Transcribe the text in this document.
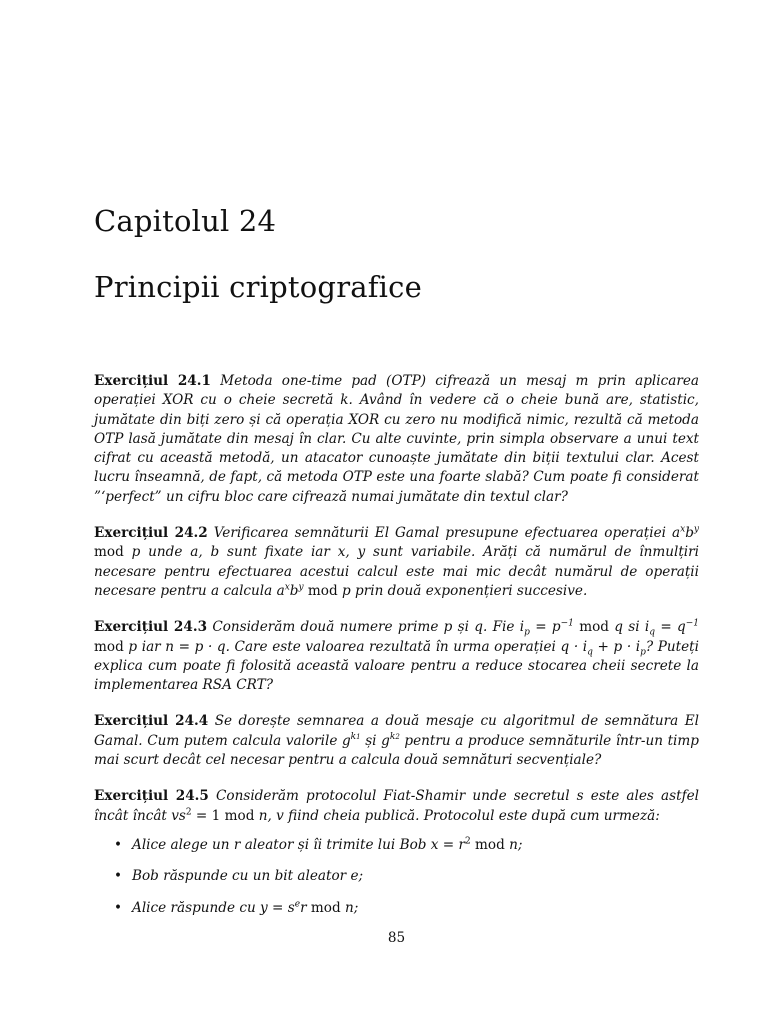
Capitolul 24
Principii criptografice

Exercițiul 24.1 Metoda one-time pad (OTP) cifrează un mesaj m prin aplicarea operației XOR cu o cheie secretă k. Având în vedere că o cheie bună are, statistic, jumătate din biți zero și că operația XOR cu zero nu modifică nimic, rezultă că metoda OTP lasă jumătate din mesaj în clar. Cu alte cuvinte, prin simpla observare a unui text cifrat cu această metodă, un atacator cunoaște jumătate din biții textului clar. Acest lucru înseamnă, de fapt, că metoda OTP este una foarte slabă? Cum poate fi considerat ”‘perfect” un cifru bloc care cifrează numai jumătate din textul clar?

Exercițiul 24.2 Verificarea semnăturii El Gamal presupune efectuarea operației $a^xb^y$ mod p unde a, b sunt fixate iar x, y sunt variabile. Arăți că numărul de înmulțiri necesare pentru efectuarea acestui calcul este mai mic decât numărul de operații necesare pentru a calcula $a^xb^y$ mod p prin două exponențieri succesive.

Exercițiul 24.3 Considerăm două numere prime p și q. Fie $i_p = p^{-1}$ mod q si $i_q = q^{-1}$ mod p iar n = p · q. Care este valoarea rezultată în urma operației $q \cdot i_q + p \cdot i_p$? Puteți explica cum poate fi folosită această valoare pentru a reduce stocarea cheii secrete la implementarea RSA CRT?

Exercițiul 24.4 Se dorește semnarea a două mesaje cu algoritmul de semnătura El Gamal. Cum putem calcula valorile $g^{k1}$ și $g^{k2}$ pentru a produce semnăturile într-un timp mai scurt decât cel necesar pentru a calcula două semnături secvențiale?

Exercițiul 24.5 Considerăm protocolul Fiat-Shamir unde secretul s este ales astfel încât încât $vs^2 = 1$ mod n, v fiind cheia publică. Protocolul este după cum urmeză:

• Alice alege un r aleator și îi trimite lui Bob $x = r^2$ mod n;
• Bob răspunde cu un bit aleator e;
• Alice răspunde cu $y = s^er$ mod n;
85
